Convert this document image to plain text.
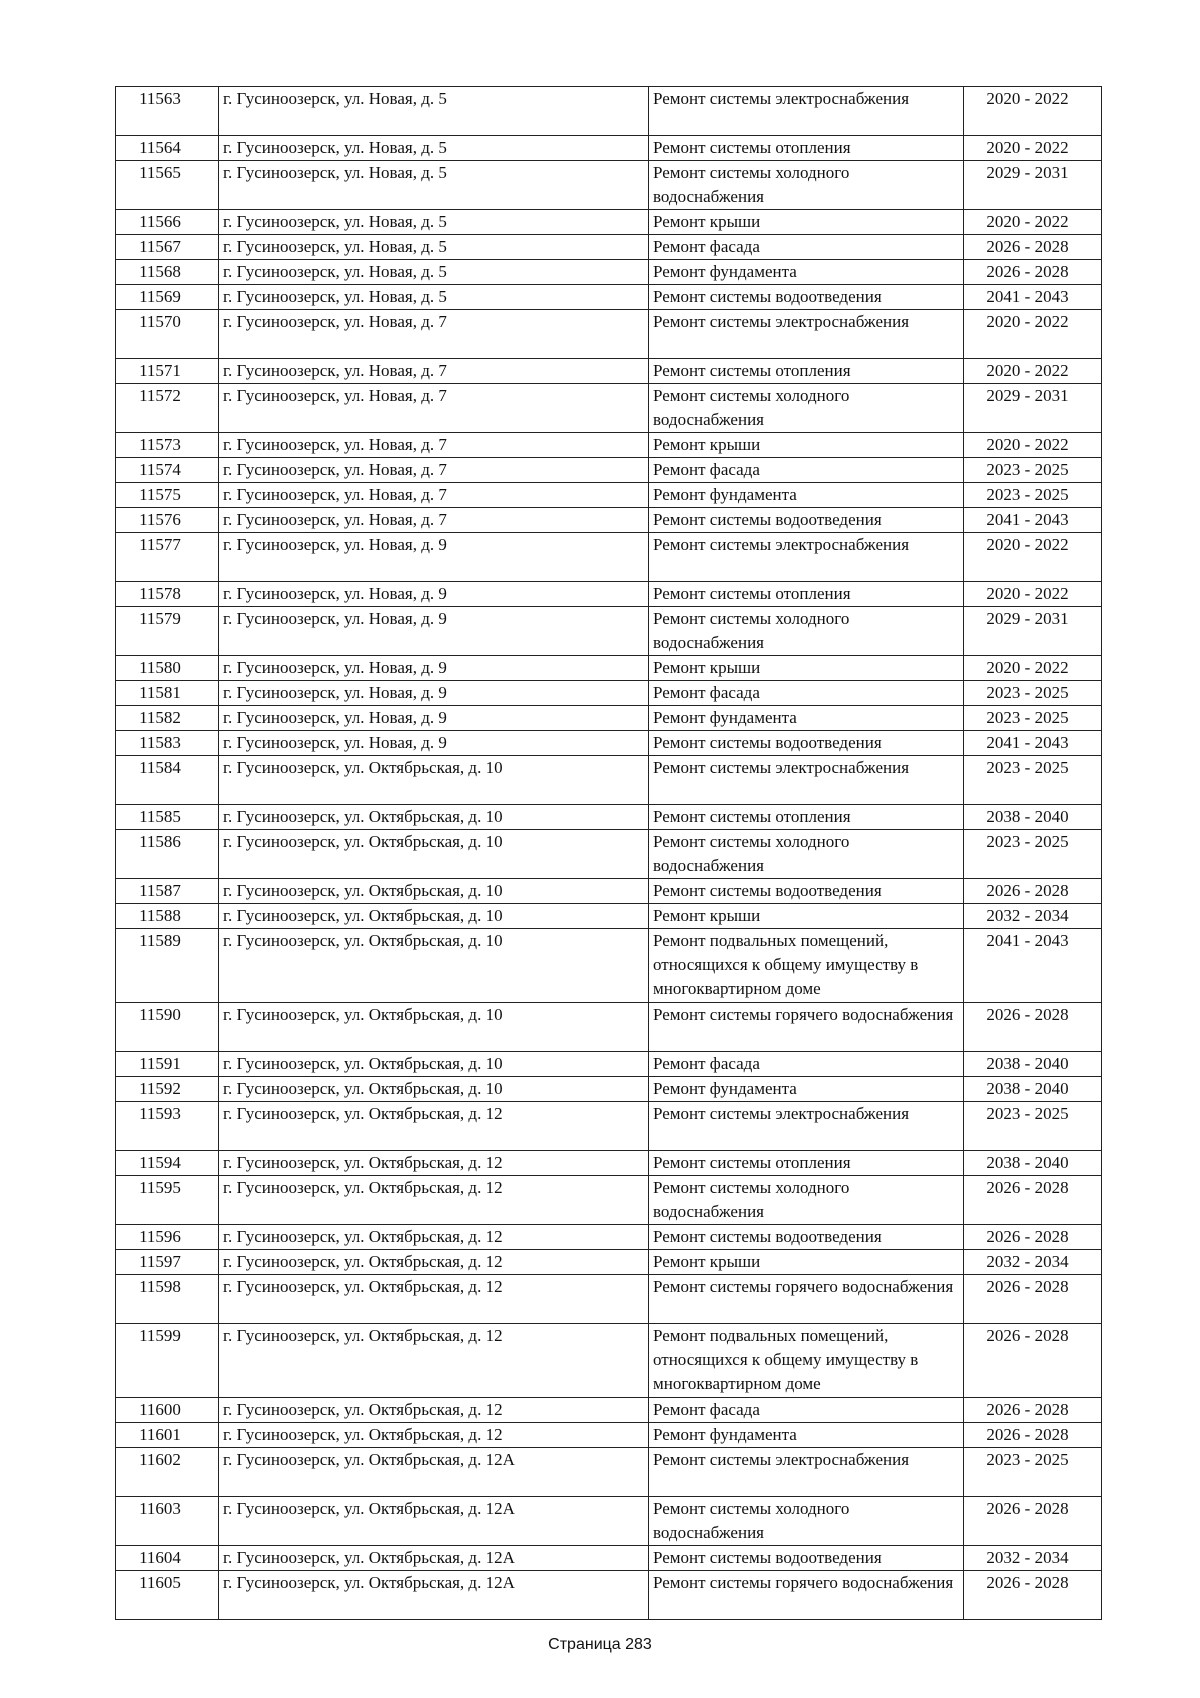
11563	г. Гусиноозерск, ул. Новая, д. 5	Ремонт системы электроснабжения	2020 - 2022
11564	г. Гусиноозерск, ул. Новая, д. 5	Ремонт системы отопления	2020 - 2022
11565	г. Гусиноозерск, ул. Новая, д. 5	Ремонт системы холодного водоснабжения	2029 - 2031
11566	г. Гусиноозерск, ул. Новая, д. 5	Ремонт крыши	2020 - 2022
11567	г. Гусиноозерск, ул. Новая, д. 5	Ремонт фасада	2026 - 2028
11568	г. Гусиноозерск, ул. Новая, д. 5	Ремонт фундамента	2026 - 2028
11569	г. Гусиноозерск, ул. Новая, д. 5	Ремонт системы водоотведения	2041 - 2043
11570	г. Гусиноозерск, ул. Новая, д. 7	Ремонт системы электроснабжения	2020 - 2022
11571	г. Гусиноозерск, ул. Новая, д. 7	Ремонт системы отопления	2020 - 2022
11572	г. Гусиноозерск, ул. Новая, д. 7	Ремонт системы холодного водоснабжения	2029 - 2031
11573	г. Гусиноозерск, ул. Новая, д. 7	Ремонт крыши	2020 - 2022
11574	г. Гусиноозерск, ул. Новая, д. 7	Ремонт фасада	2023 - 2025
11575	г. Гусиноозерск, ул. Новая, д. 7	Ремонт фундамента	2023 - 2025
11576	г. Гусиноозерск, ул. Новая, д. 7	Ремонт системы водоотведения	2041 - 2043
11577	г. Гусиноозерск, ул. Новая, д. 9	Ремонт системы электроснабжения	2020 - 2022
11578	г. Гусиноозерск, ул. Новая, д. 9	Ремонт системы отопления	2020 - 2022
11579	г. Гусиноозерск, ул. Новая, д. 9	Ремонт системы холодного водоснабжения	2029 - 2031
11580	г. Гусиноозерск, ул. Новая, д. 9	Ремонт крыши	2020 - 2022
11581	г. Гусиноозерск, ул. Новая, д. 9	Ремонт фасада	2023 - 2025
11582	г. Гусиноозерск, ул. Новая, д. 9	Ремонт фундамента	2023 - 2025
11583	г. Гусиноозерск, ул. Новая, д. 9	Ремонт системы водоотведения	2041 - 2043
11584	г. Гусиноозерск, ул. Октябрьская, д. 10	Ремонт системы электроснабжения	2023 - 2025
11585	г. Гусиноозерск, ул. Октябрьская, д. 10	Ремонт системы отопления	2038 - 2040
11586	г. Гусиноозерск, ул. Октябрьская, д. 10	Ремонт системы холодного водоснабжения	2023 - 2025
11587	г. Гусиноозерск, ул. Октябрьская, д. 10	Ремонт системы водоотведения	2026 - 2028
11588	г. Гусиноозерск, ул. Октябрьская, д. 10	Ремонт крыши	2032 - 2034
11589	г. Гусиноозерск, ул. Октябрьская, д. 10	Ремонт подвальных помещений, относящихся к общему имуществу в многоквартирном доме	2041 - 2043
11590	г. Гусиноозерск, ул. Октябрьская, д. 10	Ремонт системы горячего водоснабжения	2026 - 2028
11591	г. Гусиноозерск, ул. Октябрьская, д. 10	Ремонт фасада	2038 - 2040
11592	г. Гусиноозерск, ул. Октябрьская, д. 10	Ремонт фундамента	2038 - 2040
11593	г. Гусиноозерск, ул. Октябрьская, д. 12	Ремонт системы электроснабжения	2023 - 2025
11594	г. Гусиноозерск, ул. Октябрьская, д. 12	Ремонт системы отопления	2038 - 2040
11595	г. Гусиноозерск, ул. Октябрьская, д. 12	Ремонт системы холодного водоснабжения	2026 - 2028
11596	г. Гусиноозерск, ул. Октябрьская, д. 12	Ремонт системы водоотведения	2026 - 2028
11597	г. Гусиноозерск, ул. Октябрьская, д. 12	Ремонт крыши	2032 - 2034
11598	г. Гусиноозерск, ул. Октябрьская, д. 12	Ремонт системы горячего водоснабжения	2026 - 2028
11599	г. Гусиноозерск, ул. Октябрьская, д. 12	Ремонт подвальных помещений, относящихся к общему имуществу в многоквартирном доме	2026 - 2028
11600	г. Гусиноозерск, ул. Октябрьская, д. 12	Ремонт фасада	2026 - 2028
11601	г. Гусиноозерск, ул. Октябрьская, д. 12	Ремонт фундамента	2026 - 2028
11602	г. Гусиноозерск, ул. Октябрьская, д. 12А	Ремонт системы электроснабжения	2023 - 2025
11603	г. Гусиноозерск, ул. Октябрьская, д. 12А	Ремонт системы холодного водоснабжения	2026 - 2028
11604	г. Гусиноозерск, ул. Октябрьская, д. 12А	Ремонт системы водоотведения	2032 - 2034
11605	г. Гусиноозерск, ул. Октябрьская, д. 12А	Ремонт системы горячего водоснабжения	2026 - 2028
Страница 283
